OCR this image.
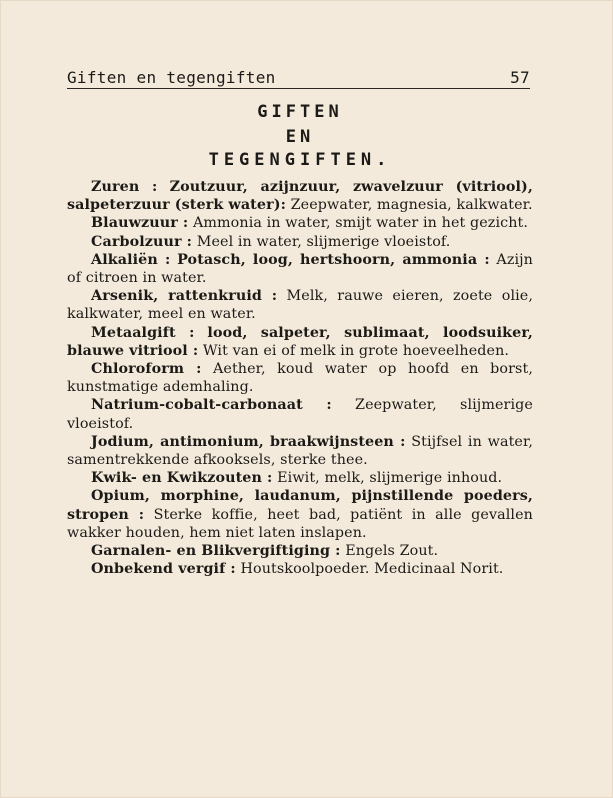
Giften en tegengiften	57
GIFTEN
EN
TEGENGIFTEN.

Zuren : Zoutzuur, azijnzuur, zwavelzuur (vitriool), salpeterzuur (sterk water): Zeepwater, magnesia, kalkwater.

Blauwzuur : Ammonia in water, smijt water in het gezicht.

Carbolzuur : Meel in water, slijmerige vloeistof.

Alkaliën : Potasch, loog, hertshoorn, ammonia : Azijn of citroen in water.

Arsenik, rattenkruid : Melk, rauwe eieren, zoete olie, kalkwater, meel en water.

Metaalgift : lood, salpeter, sublimaat, loodsuiker, blauwe vitriool : Wit van ei of melk in grote hoeveelheden.

Chloroform : Aether, koud water op hoofd en borst, kunstmatige ademhaling.

Natrium-cobalt-carbonaat : Zeepwater, slijmerige vloeistof.

Jodium, antimonium, braakwijnsteen : Stijfsel in water, samentrekkende afkooksels, sterke thee.

Kwik- en Kwikzouten : Eiwit, melk, slijmerige inhoud.

Opium, morphine, laudanum, pijnstillende poeders, stropen : Sterke koffie, heet bad, patiënt in alle gevallen wakker houden, hem niet laten inslapen.

Garnalen- en Blikvergiftiging : Engels Zout.

Onbekend vergif : Houtskoolpoeder. Medicinaal Norit.
